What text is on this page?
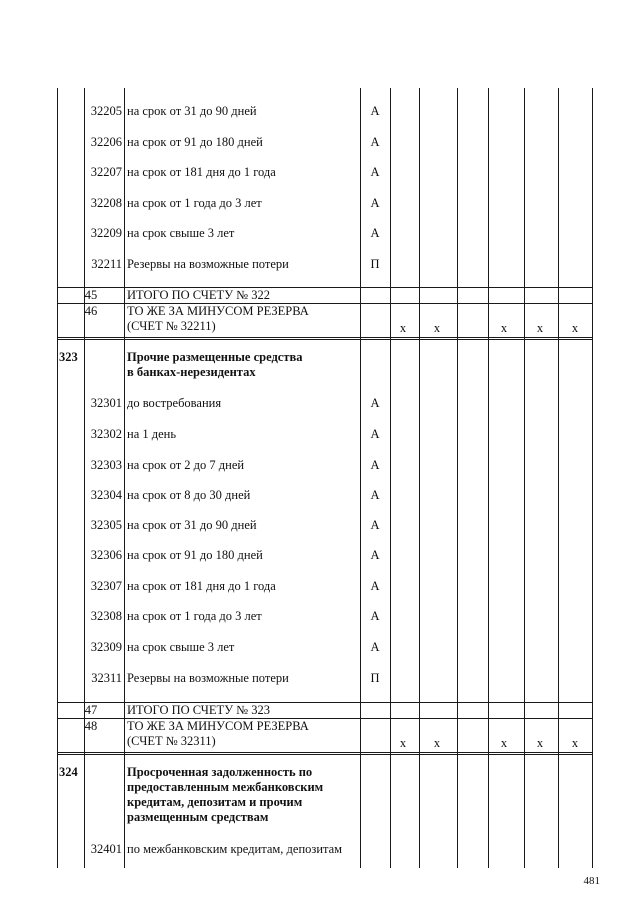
32205 на срок от 31 до 90 дней	А
32206 на срок от 91 до 180 дней	А
32207 на срок от 181 дня до 1 года	А
32208 на срок от 1 года до 3 лет	А
32209 на срок свыше 3 лет	А
32211 Резервы на возможные потери	П
45	ИТОГО ПО СЧЕТУ № 322
46	ТО ЖЕ ЗА МИНУСОМ РЕЗЕРВА
(СЧЕТ № 32211)	х	х	х	х	х
323	Прочие размещенные средства
в банках-нерезидентах
32301 до востребования	А
32302 на 1 день	А
32303 на срок от 2 до 7 дней	А
32304 на срок от 8 до 30 дней	А
32305 на срок от 31 до 90 дней	А
32306 на срок от 91 до 180 дней	А
32307 на срок от 181 дня до 1 года	А
32308 на срок от 1 года до 3 лет	А
32309 на срок свыше 3 лет	А
32311 Резервы на возможные потери	П
47	ИТОГО ПО СЧЕТУ № 323
48	ТО ЖЕ ЗА МИНУСОМ РЕЗЕРВА
(СЧЕТ № 32311)	х	х	х	х	х
324	Просроченная задолженность по
предоставленным межбанковским
кредитам, депозитам и прочим
размещенным средствам
32401 по межбанковским кредитам, депозитам
481
